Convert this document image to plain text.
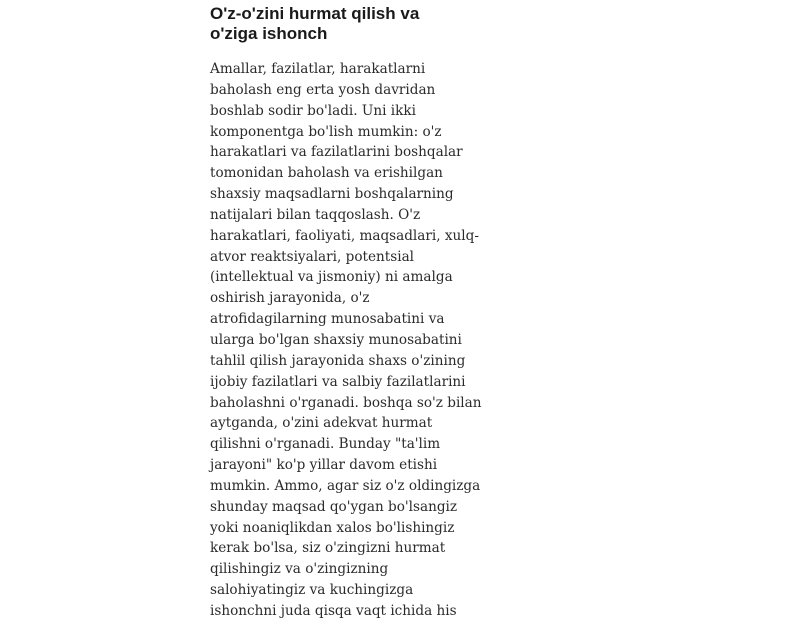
O'z-o'zini hurmat qilish va
o'ziga ishonch
Amallar, fazilatlar, harakatlarni
baholash eng erta yosh davridan
boshlab sodir bo'ladi. Uni ikki
komponentga bo'lish mumkin: o'z
harakatlari va fazilatlarini boshqalar
tomonidan baholash va erishilgan
shaxsiy maqsadlarni boshqalarning
natijalari bilan taqqoslash. O'z
harakatlari, faoliyati, maqsadlari, xulq-
atvor reaktsiyalari, potentsial
(intellektual va jismoniy) ni amalga
oshirish jarayonida, o'z
atrofidagilarning munosabatini va
ularga bo'lgan shaxsiy munosabatini
tahlil qilish jarayonida shaxs o'zining
ijobiy fazilatlari va salbiy fazilatlarini
baholashni o'rganadi. boshqa so'z bilan
aytganda, o'zini adekvat hurmat
qilishni o'rganadi. Bunday "ta'lim
jarayoni" ko'p yillar davom etishi
mumkin. Ammo, agar siz o'z oldingizga
shunday maqsad qo'ygan bo'lsangiz
yoki noaniqlikdan xalos bo'lishingiz
kerak bo'lsa, siz o'zingizni hurmat
qilishingiz va o'zingizning
salohiyatingiz va kuchingizga
ishonchni juda qisqa vaqt ichida his
